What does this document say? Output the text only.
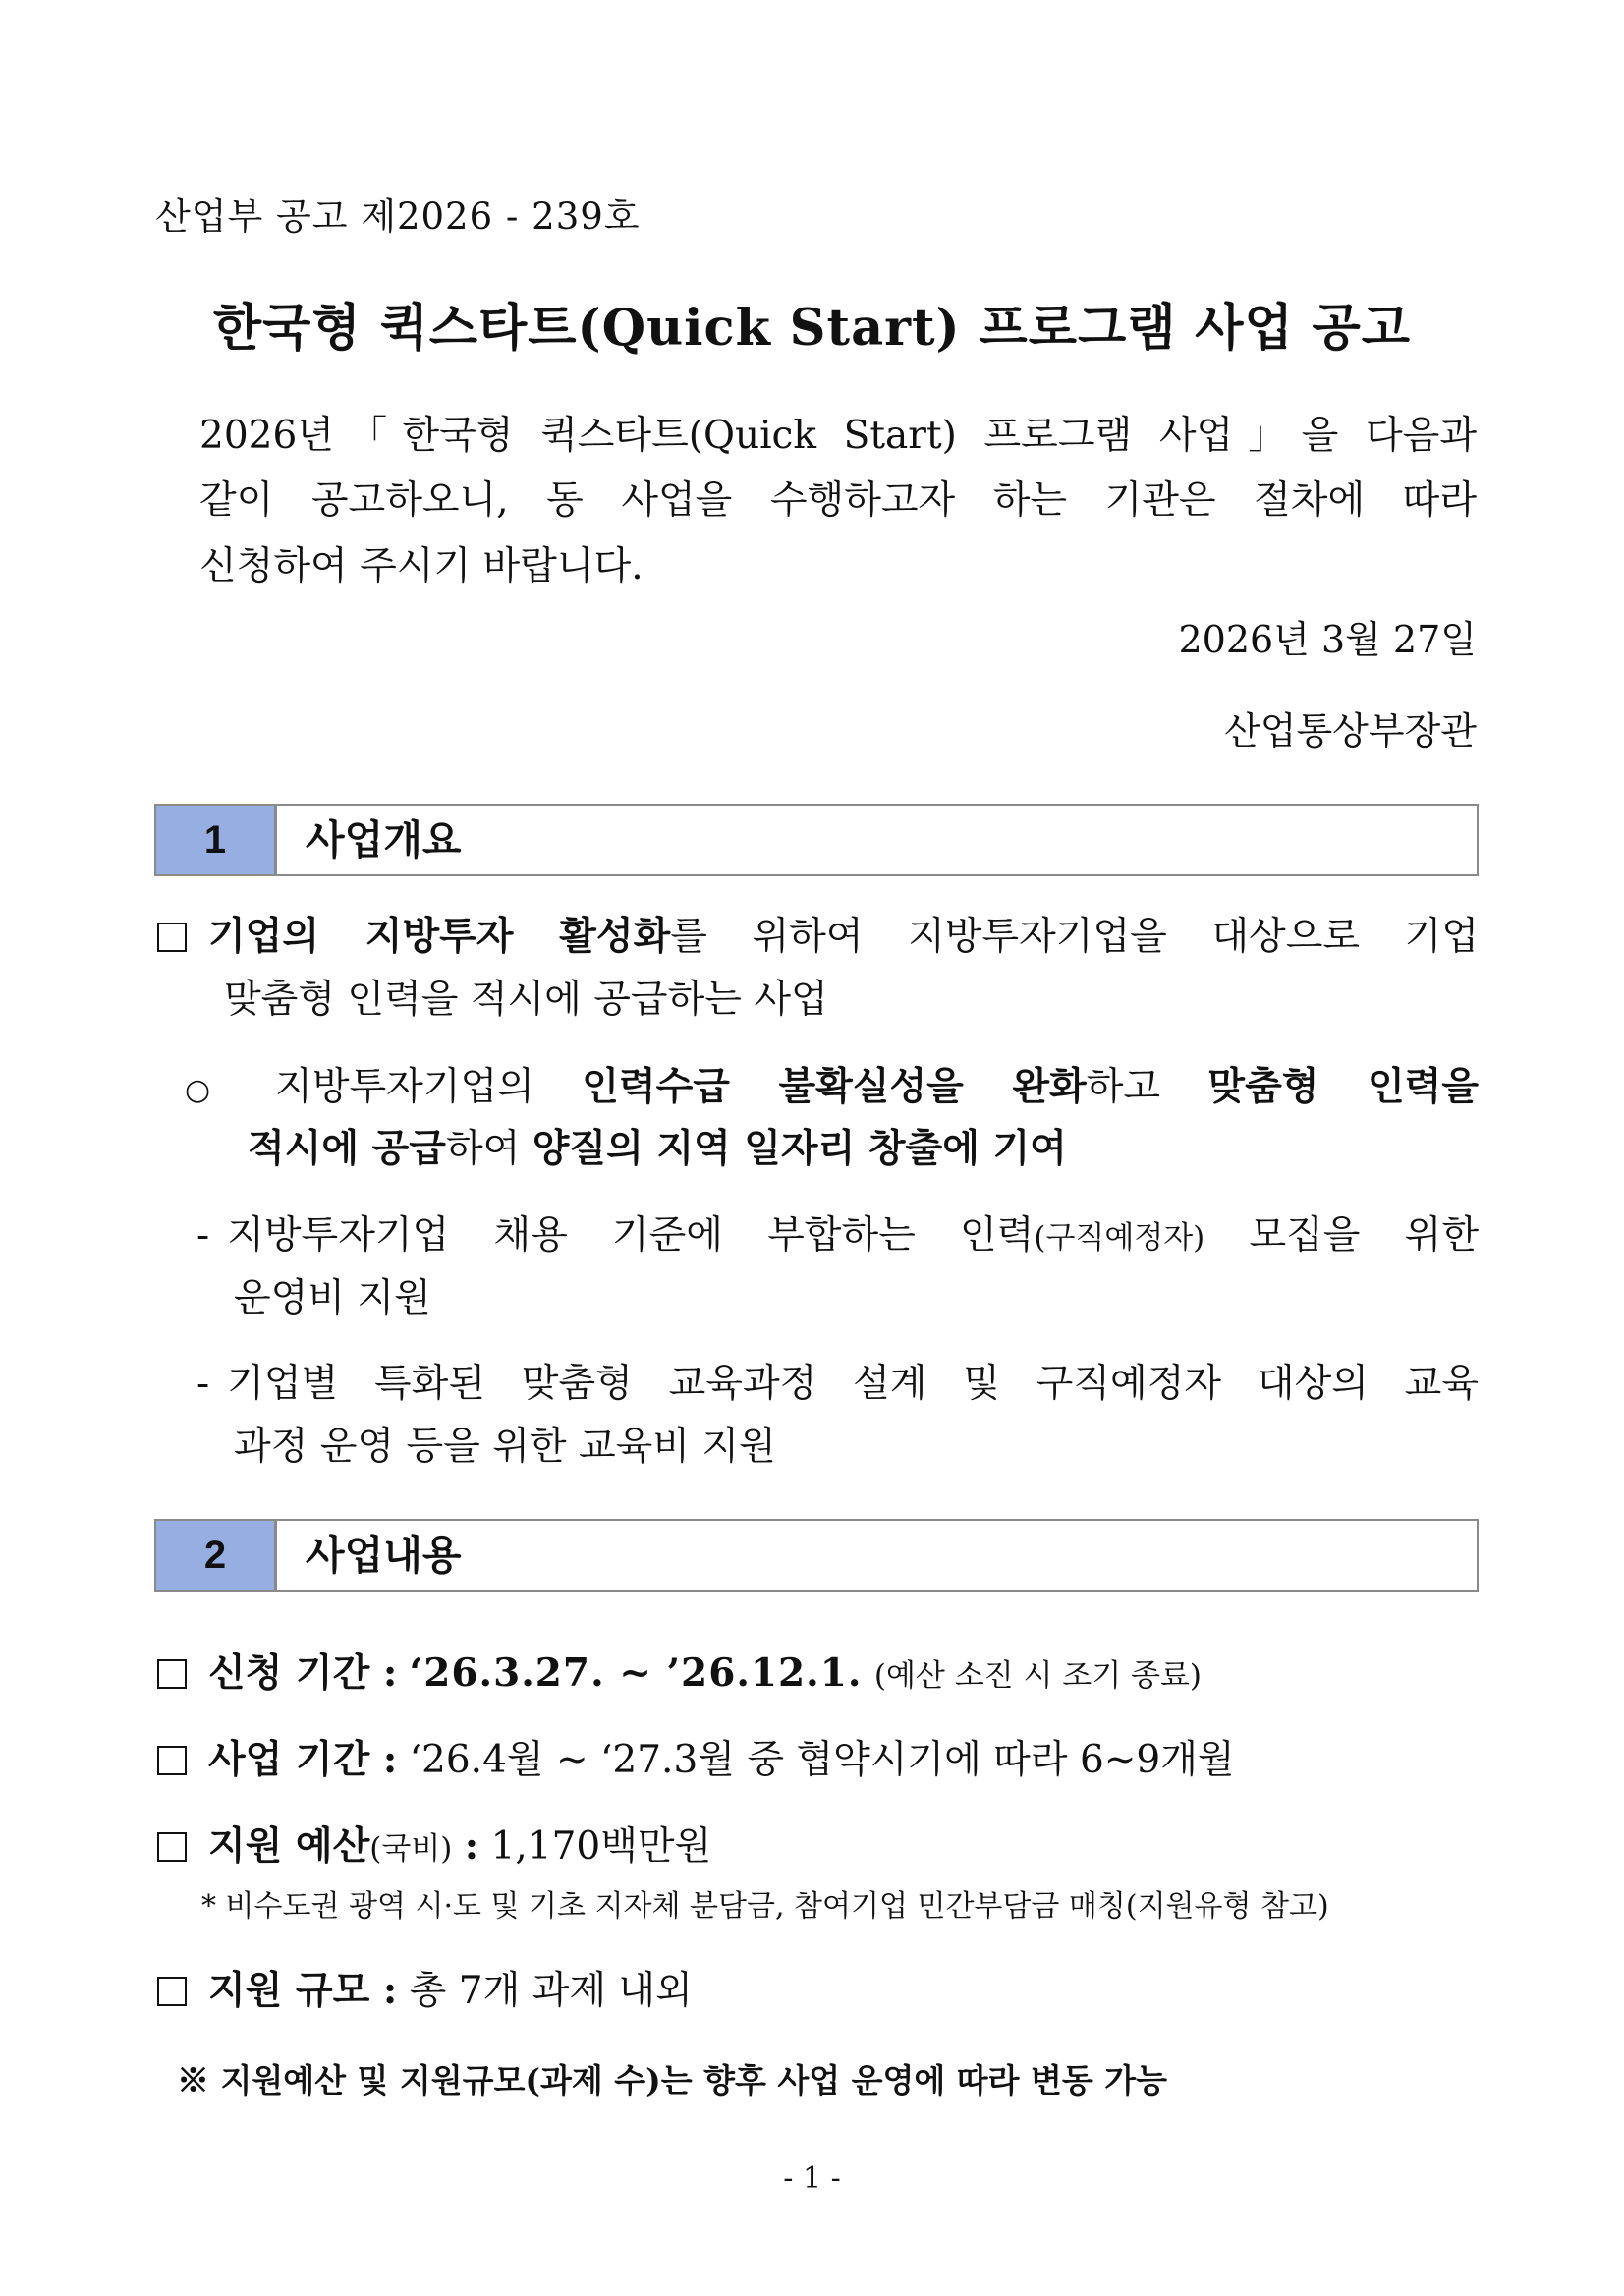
산업부 공고 제2026 - 239호
한국형 퀵스타트(Quick Start) 프로그램 사업 공고
2026년「한국형 퀵스타트(Quick Start) 프로그램 사업」을 다음과
같이 공고하오니, 동 사업을 수행하고자 하는 기관은 절차에 따라
신청하여 주시기 바랍니다.
2026년 3월 27일
산업통상부장관
1	사업개요
기업의 지방투자 활성화를 위하여 지방투자기업을 대상으로 기업
맞춤형 인력을 적시에 공급하는 사업
○ 지방투자기업의 인력수급 불확실성을 완화하고 맞춤형 인력을
적시에 공급하여 양질의 지역 일자리 창출에 기여
- 지방투자기업 채용 기준에 부합하는 인력(구직예정자) 모집을 위한
운영비 지원
- 기업별 특화된 맞춤형 교육과정 설계 및 구직예정자 대상의 교육
과정 운영 등을 위한 교육비 지원
2	사업내용
신청 기간 : ‘26.3.27. ~ ’26.12.1. (예산 소진 시 조기 종료)
사업 기간 : ‘26.4월 ~ ‘27.3월 중 협약시기에 따라 6~9개월
지원 예산(국비) : 1,170백만원
* 비수도권 광역 시·도 및 기초 지자체 분담금, 참여기업 민간부담금 매칭(지원유형 참고)
지원 규모 : 총 7개 과제 내외
※ 지원예산 및 지원규모(과제 수)는 향후 사업 운영에 따라 변동 가능
- 1 -
